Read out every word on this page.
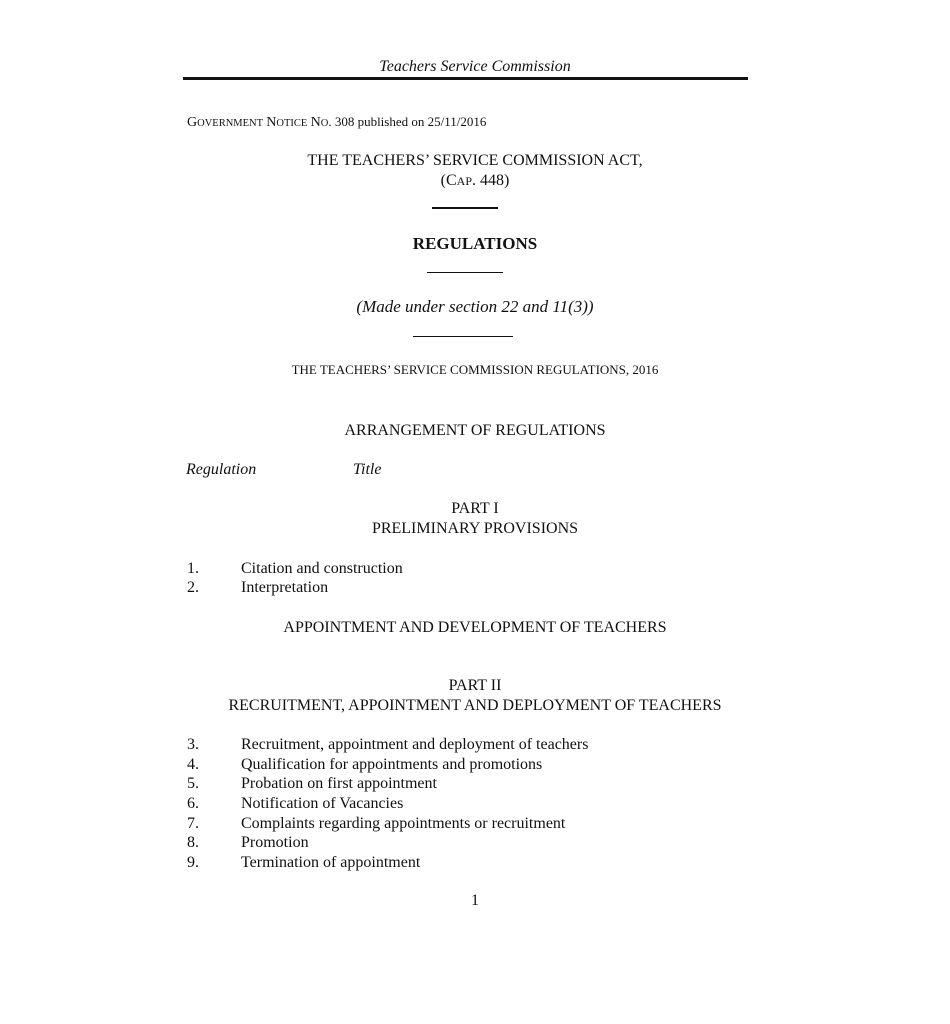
Teachers Service Commission
GOVERNMENT NOTICE NO. 308 published on 25/11/2016
THE TEACHERS’ SERVICE COMMISSION ACT,
(CAP. 448)
REGULATIONS
(Made under section 22 and 11(3))
THE TEACHERS’ SERVICE COMMISSION REGULATIONS, 2016
ARRANGEMENT OF REGULATIONS
Regulation	Title
PART I
PRELIMINARY PROVISIONS
1.	Citation and construction
2.	Interpretation
APPOINTMENT AND DEVELOPMENT OF TEACHERS
PART II
RECRUITMENT, APPOINTMENT AND DEPLOYMENT OF TEACHERS
3.	Recruitment, appointment and deployment of teachers
4.	Qualification for appointments and promotions
5.	Probation on first appointment
6.	Notification of Vacancies
7.	Complaints regarding appointments or recruitment
8.	Promotion
9.	Termination of appointment
1
